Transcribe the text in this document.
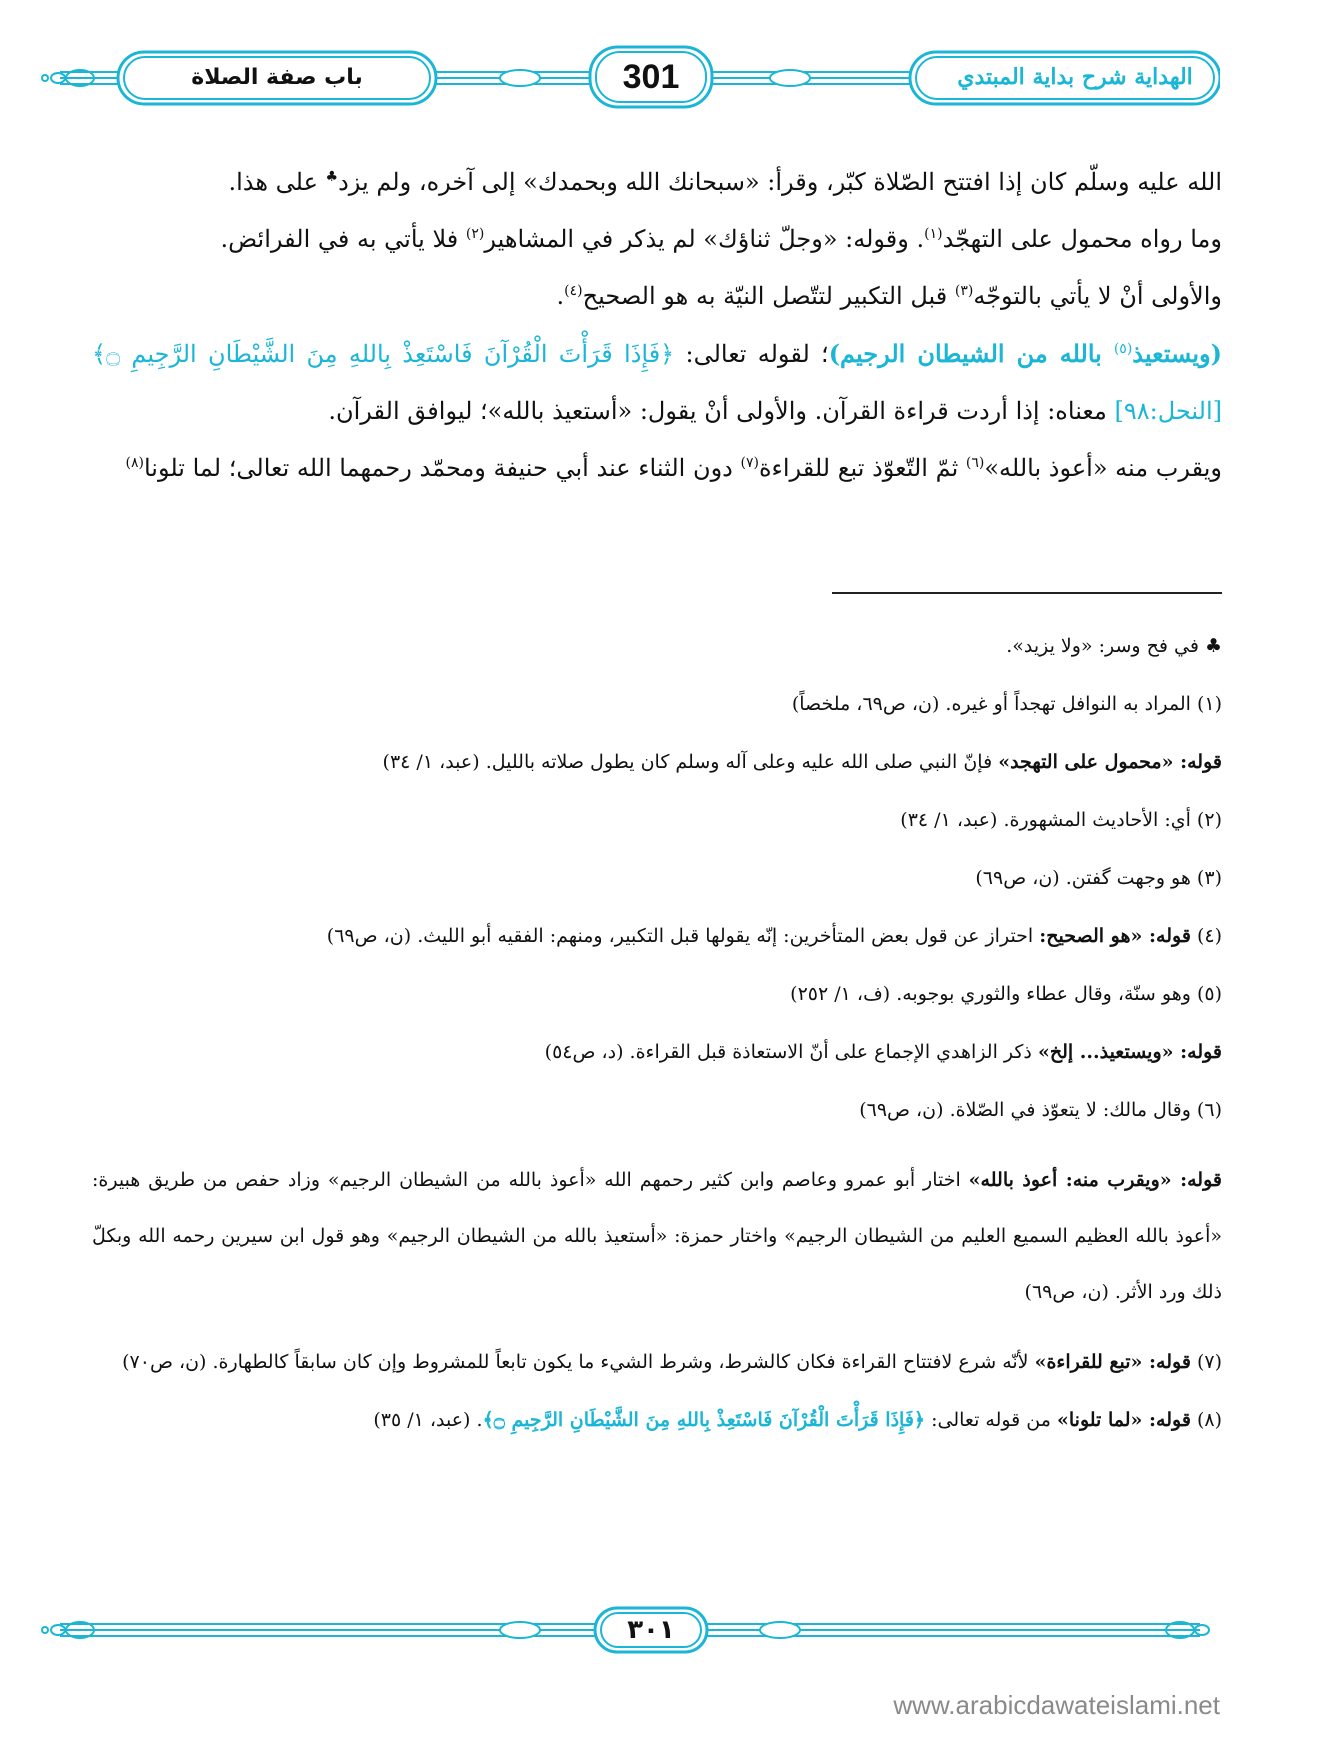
باب صفة الصلاة	301	الهداية شرح بداية المبتدي

الله عليه وسلّم كان إذا افتتح الصّلاة كبّر، وقرأ: «سبحانك الله وبحمدك» إلى آخره، ولم يزد♣ على هذا.

وما رواه محمول على التهجّد$^{(١)}$. وقوله: «وجلّ ثناؤك» لم يذكر في المشاهير$^{(٢)}$ فلا يأتي به في الفرائض.

والأولى أنْ لا يأتي بالتوجّه$^{(٣)}$ قبل التكبير لتتّصل النيّة به هو الصحيح$^{(٤)}$.

(ويستعيذ$^{(٥)}$ بالله من الشيطان الرجيم)؛ لقوله تعالى: ﴿فَإِذَا قَرَأْتَ الْقُرْآنَ فَاسْتَعِذْ بِاللهِ مِنَ الشَّيْطَانِ الرَّجِيمِ ۝﴾ [النحل:٩٨] معناه: إذا أردت قراءة القرآن. والأولى أنْ يقول: «أستعيذ بالله»؛ ليوافق القرآن.

ويقرب منه «أعوذ بالله»$^{(٦)}$ ثمّ التّعوّذ تبع للقراءة$^{(٧)}$ دون الثناء عند أبي حنيفة ومحمّد رحمهما الله تعالى؛ لما تلونا$^{(٨)}$

♣ في فح وسر: «ولا يزيد».

(١) المراد به النوافل تهجداً أو غيره. (ن، ص٦٩، ملخصاً)

قوله: «محمول على التهجد» فإنّ النبي صلى الله عليه وعلى آله وسلم كان يطول صلاته بالليل. (عبد، ١/ ٣٤)

(٢) أي: الأحاديث المشهورة. (عبد، ١/ ٣٤)

(٣) هو وجهت گفتن. (ن، ص٦٩)

(٤) قوله: «هو الصحيح: احتراز عن قول بعض المتأخرين: إنّه يقولها قبل التكبير، ومنهم: الفقيه أبو الليث. (ن، ص٦٩)

(٥) وهو سنّة، وقال عطاء والثوري بوجوبه. (ف، ١/ ٢٥٢)

قوله: «ويستعيذ... إلخ» ذكر الزاهدي الإجماع على أنّ الاستعاذة قبل القراءة. (د، ص٥٤)

(٦) وقال مالك: لا يتعوّذ في الصّلاة. (ن، ص٦٩)

قوله: «ويقرب منه: أعوذ بالله» اختار أبو عمرو وعاصم وابن كثير رحمهم الله «أعوذ بالله من الشيطان الرجيم» وزاد حفص من طريق هبيرة: «أعوذ بالله العظيم السميع العليم من الشيطان الرجيم» واختار حمزة: «أستعيذ بالله من الشيطان الرجيم» وهو قول ابن سيرين رحمه الله وبكلّ ذلك ورد الأثر. (ن، ص٦٩)

(٧) قوله: «تبع للقراءة» لأنّه شرع لافتتاح القراءة فكان كالشرط، وشرط الشيء ما يكون تابعاً للمشروط وإن كان سابقاً كالطهارة. (ن، ص٧٠)

(٨) قوله: «لما تلونا» من قوله تعالى: ﴿فَإِذَا قَرَأْتَ الْقُرْآنَ فَاسْتَعِذْ بِاللهِ مِنَ الشَّيْطَانِ الرَّجِيمِ ۝﴾. (عبد، ١/ ٣٥)

٣٠١
www.arabicdawateislami.net
